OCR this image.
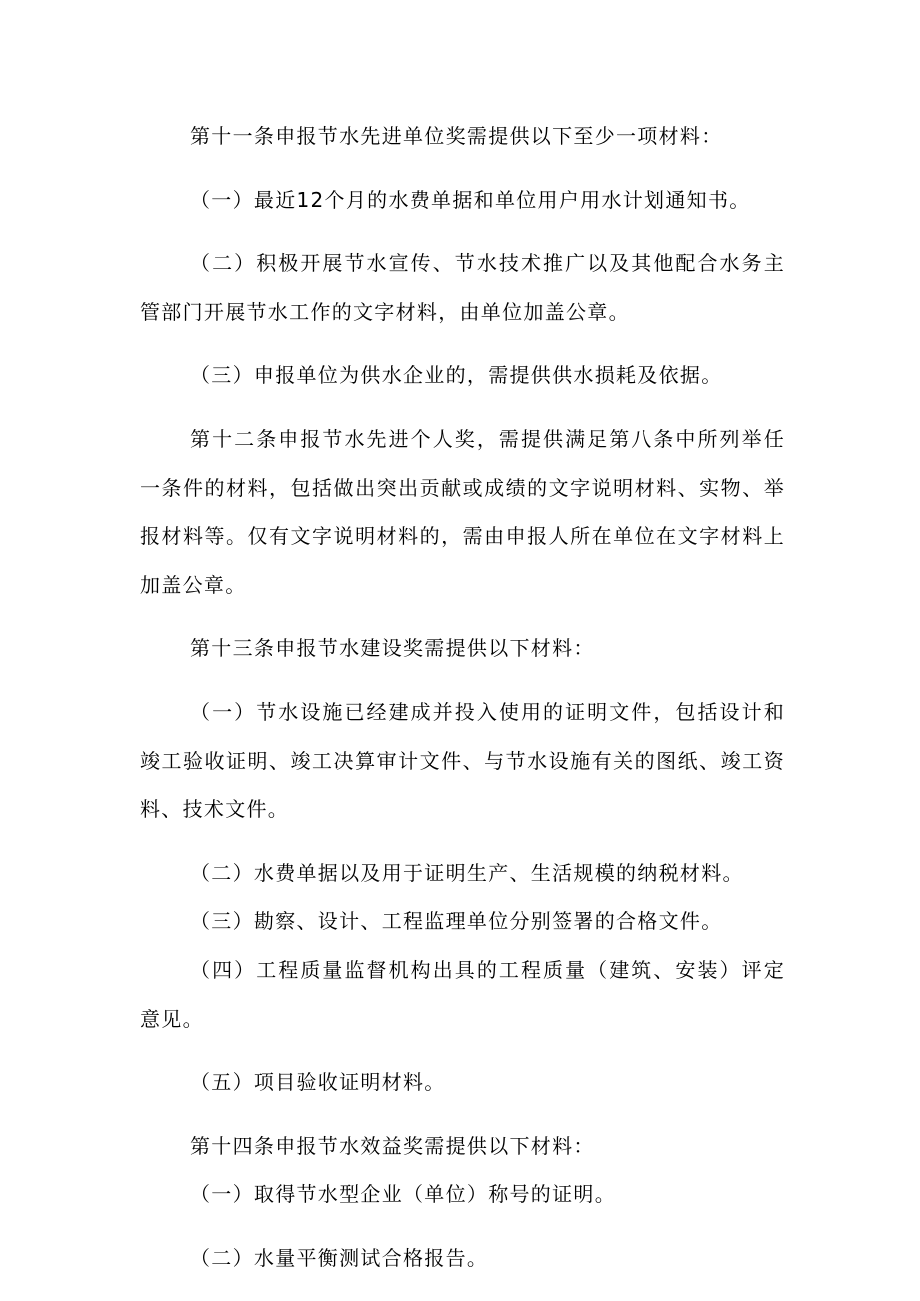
第十一条申报节水先进单位奖需提供以下至少一项材料：

（一）最近12个月的水费单据和单位用户用水计划通知书。

（二）积极开展节水宣传、节水技术推广以及其他配合水务主管部门开展节水工作的文字材料，由单位加盖公章。

（三）申报单位为供水企业的，需提供供水损耗及依据。

第十二条申报节水先进个人奖，需提供满足第八条中所列举任一条件的材料，包括做出突出贡献或成绩的文字说明材料、实物、举报材料等。仅有文字说明材料的，需由申报人所在单位在文字材料上加盖公章。

第十三条申报节水建设奖需提供以下材料：

（一）节水设施已经建成并投入使用的证明文件，包括设计和竣工验收证明、竣工决算审计文件、与节水设施有关的图纸、竣工资料、技术文件。

（二）水费单据以及用于证明生产、生活规模的纳税材料。

（三）勘察、设计、工程监理单位分别签署的合格文件。

（四）工程质量监督机构出具的工程质量（建筑、安装）评定意见。

（五）项目验收证明材料。

第十四条申报节水效益奖需提供以下材料：

（一）取得节水型企业（单位）称号的证明。

（二）水量平衡测试合格报告。
